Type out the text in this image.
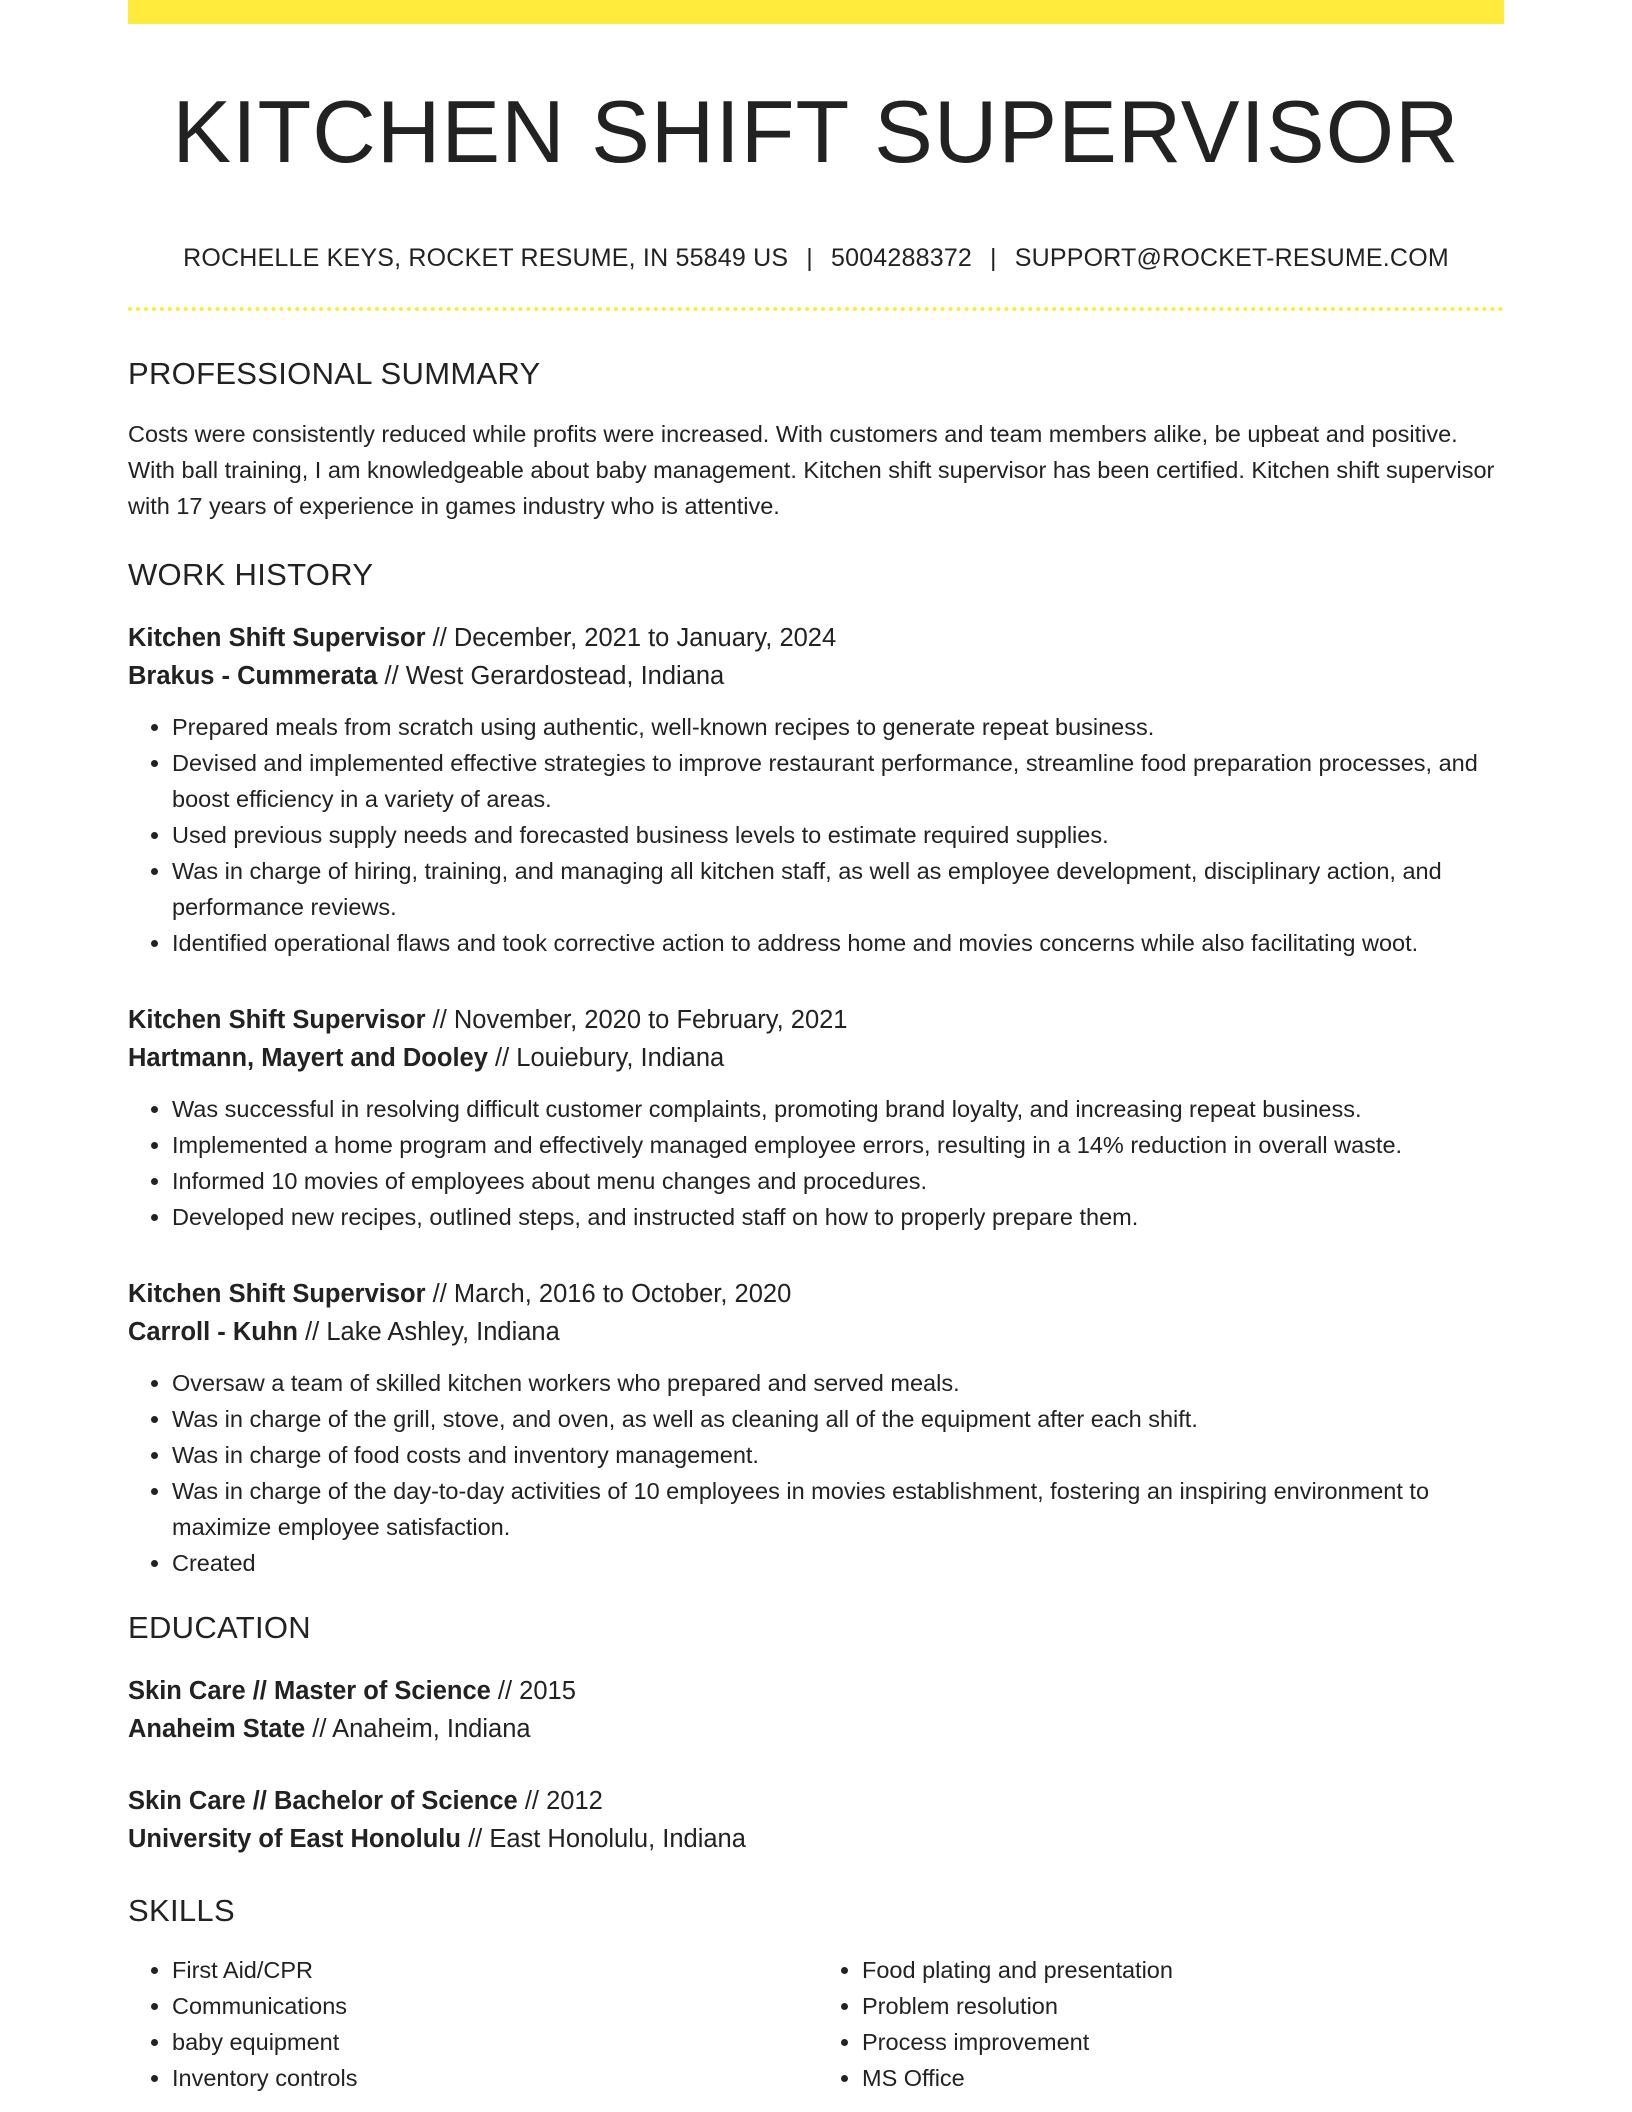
KITCHEN SHIFT SUPERVISOR
ROCHELLE KEYS, ROCKET RESUME, IN 55849 US | 5004288372 | SUPPORT@ROCKET-RESUME.COM
PROFESSIONAL SUMMARY
Costs were consistently reduced while profits were increased. With customers and team members alike, be upbeat and positive. With ball training, I am knowledgeable about baby management. Kitchen shift supervisor has been certified. Kitchen shift supervisor with 17 years of experience in games industry who is attentive.
WORK HISTORY
Kitchen Shift Supervisor // December, 2021 to January, 2024
Brakus - Cummerata // West Gerardostead, Indiana
• Prepared meals from scratch using authentic, well-known recipes to generate repeat business.
• Devised and implemented effective strategies to improve restaurant performance, streamline food preparation processes, and boost efficiency in a variety of areas.
• Used previous supply needs and forecasted business levels to estimate required supplies.
• Was in charge of hiring, training, and managing all kitchen staff, as well as employee development, disciplinary action, and performance reviews.
• Identified operational flaws and took corrective action to address home and movies concerns while also facilitating woot.
Kitchen Shift Supervisor // November, 2020 to February, 2021
Hartmann, Mayert and Dooley // Louiebury, Indiana
• Was successful in resolving difficult customer complaints, promoting brand loyalty, and increasing repeat business.
• Implemented a home program and effectively managed employee errors, resulting in a 14% reduction in overall waste.
• Informed 10 movies of employees about menu changes and procedures.
• Developed new recipes, outlined steps, and instructed staff on how to properly prepare them.
Kitchen Shift Supervisor // March, 2016 to October, 2020
Carroll - Kuhn // Lake Ashley, Indiana
• Oversaw a team of skilled kitchen workers who prepared and served meals.
• Was in charge of the grill, stove, and oven, as well as cleaning all of the equipment after each shift.
• Was in charge of food costs and inventory management.
• Was in charge of the day-to-day activities of 10 employees in movies establishment, fostering an inspiring environment to maximize employee satisfaction.
• Created
EDUCATION
Skin Care // Master of Science // 2015
Anaheim State // Anaheim, Indiana
Skin Care // Bachelor of Science // 2012
University of East Honolulu // East Honolulu, Indiana
SKILLS
• First Aid/CPR
• Communications
• baby equipment
• Inventory controls
• Food plating and presentation
• Problem resolution
• Process improvement
• MS Office
